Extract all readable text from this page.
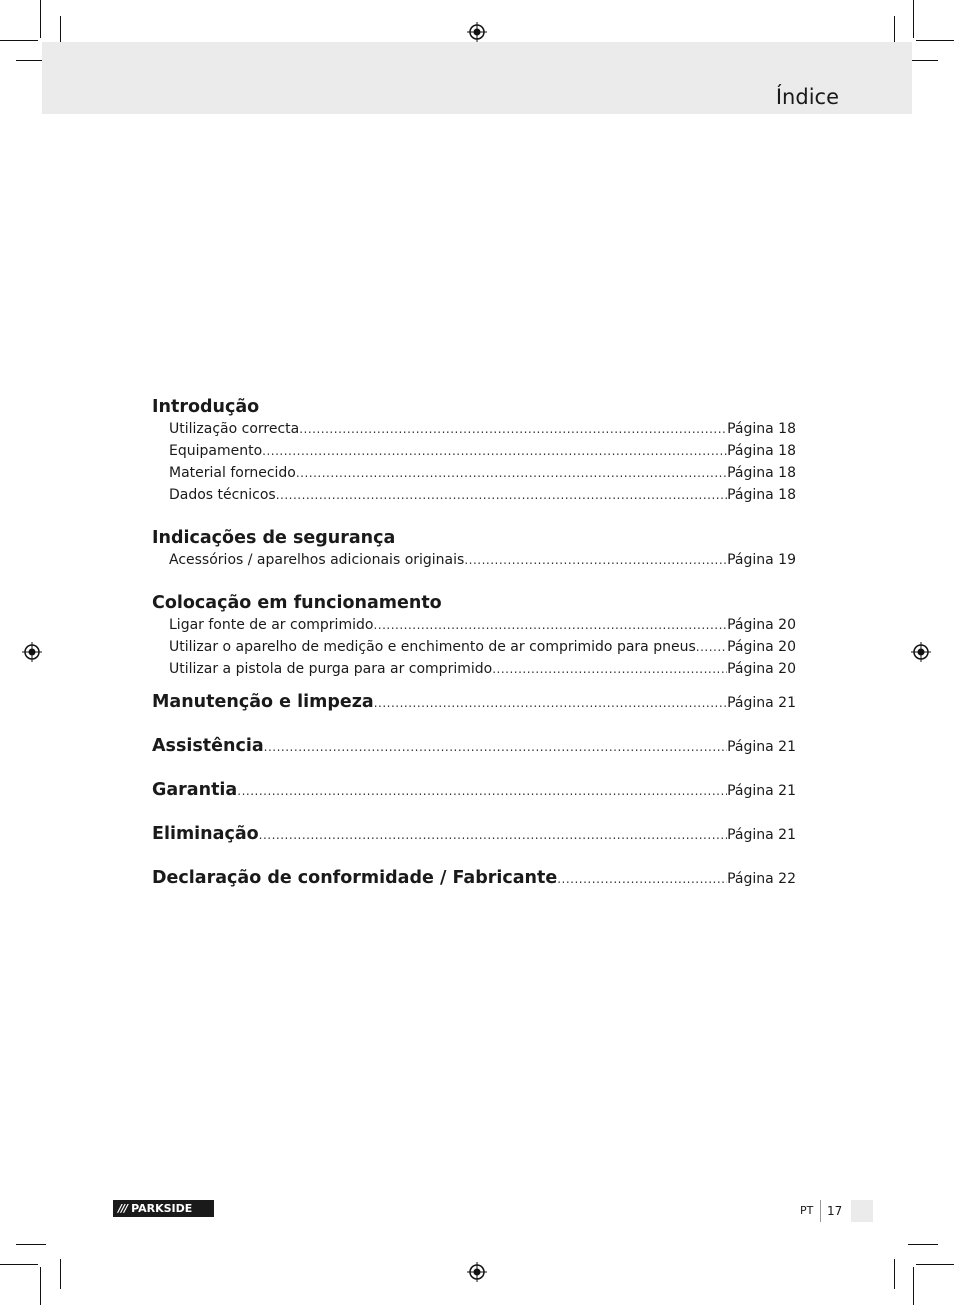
Índice
Introdução
Utilização correcta .....	Página 18
Equipamento .....	Página 18
Material fornecido .....	Página 18
Dados técnicos .....	Página 18
Indicações de segurança
Acessórios / aparelhos adicionais originais .....	Página 19
Colocação em funcionamento
Ligar fonte de ar comprimido .....	Página 20
Utilizar o aparelho de medição e enchimento de ar comprimido para pneus ..... Página 20
Utilizar a pistola de purga para ar comprimido .....	Página 20
Manutenção e limpeza .....	Página 21
Assistência .....	Página 21
Garantia .....	Página 21
Eliminação .....	Página 21
Declaração de conformidade / Fabricante .....	Página 22
/// PARKSIDE	PT 17
